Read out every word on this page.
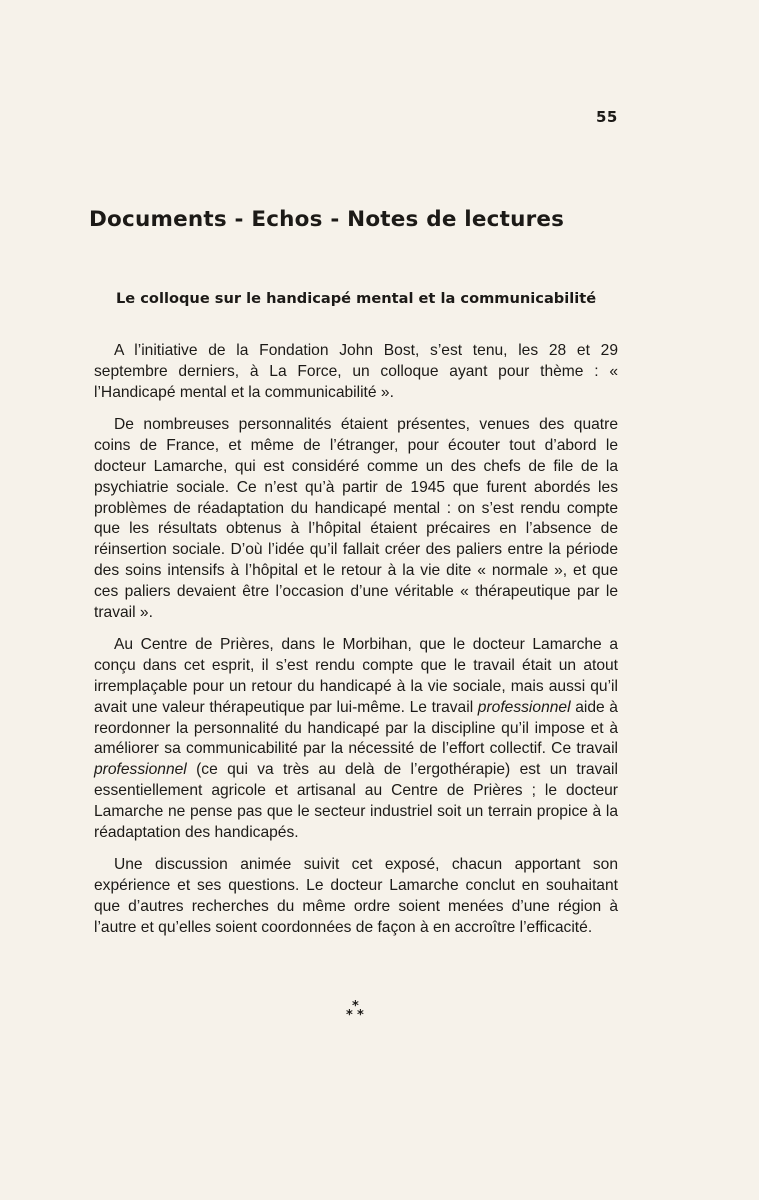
55
Documents - Echos - Notes de lectures
Le colloque sur le handicapé mental et la communicabilité

A l’initiative de la Fondation John Bost, s’est tenu, les 28 et 29 septembre derniers, à La Force, un colloque ayant pour thème : « l’Handicapé mental et la communicabilité ».

De nombreuses personnalités étaient présentes, venues des quatre coins de France, et même de l’étranger, pour écouter tout d’abord le docteur Lamarche, qui est considéré comme un des chefs de file de la psychiatrie sociale. Ce n’est qu’à partir de 1945 que furent abordés les problèmes de réadaptation du handicapé mental : on s’est rendu compte que les résultats obtenus à l’hôpital étaient précaires en l’absence de réinsertion sociale. D’où l’idée qu’il fallait créer des paliers entre la période des soins intensifs à l’hôpital et le retour à la vie dite « normale », et que ces paliers devaient être l’occasion d’une véritable « thérapeutique par le travail ».

Au Centre de Prières, dans le Morbihan, que le docteur Lamarche a conçu dans cet esprit, il s’est rendu compte que le travail était un atout irremplaçable pour un retour du handicapé à la vie sociale, mais aussi qu’il avait une valeur thérapeutique par lui-même. Le travail professionnel aide à reordonner la personnalité du handicapé par la discipline qu’il impose et à améliorer sa communicabilité par la nécessité de l’effort collectif. Ce travail professionnel (ce qui va très au delà de l’ergothérapie) est un travail essentiellement agricole et artisanal au Centre de Prières ; le docteur Lamarche ne pense pas que le secteur industriel soit un terrain propice à la réadaptation des handicapés.

Une discussion animée suivit cet exposé, chacun apportant son expérience et ses questions. Le docteur Lamarche conclut en souhaitant que d’autres recherches du même ordre soient menées d’une région à l’autre et qu’elles soient coordonnées de façon à en accroître l’efficacité.

*
* *
